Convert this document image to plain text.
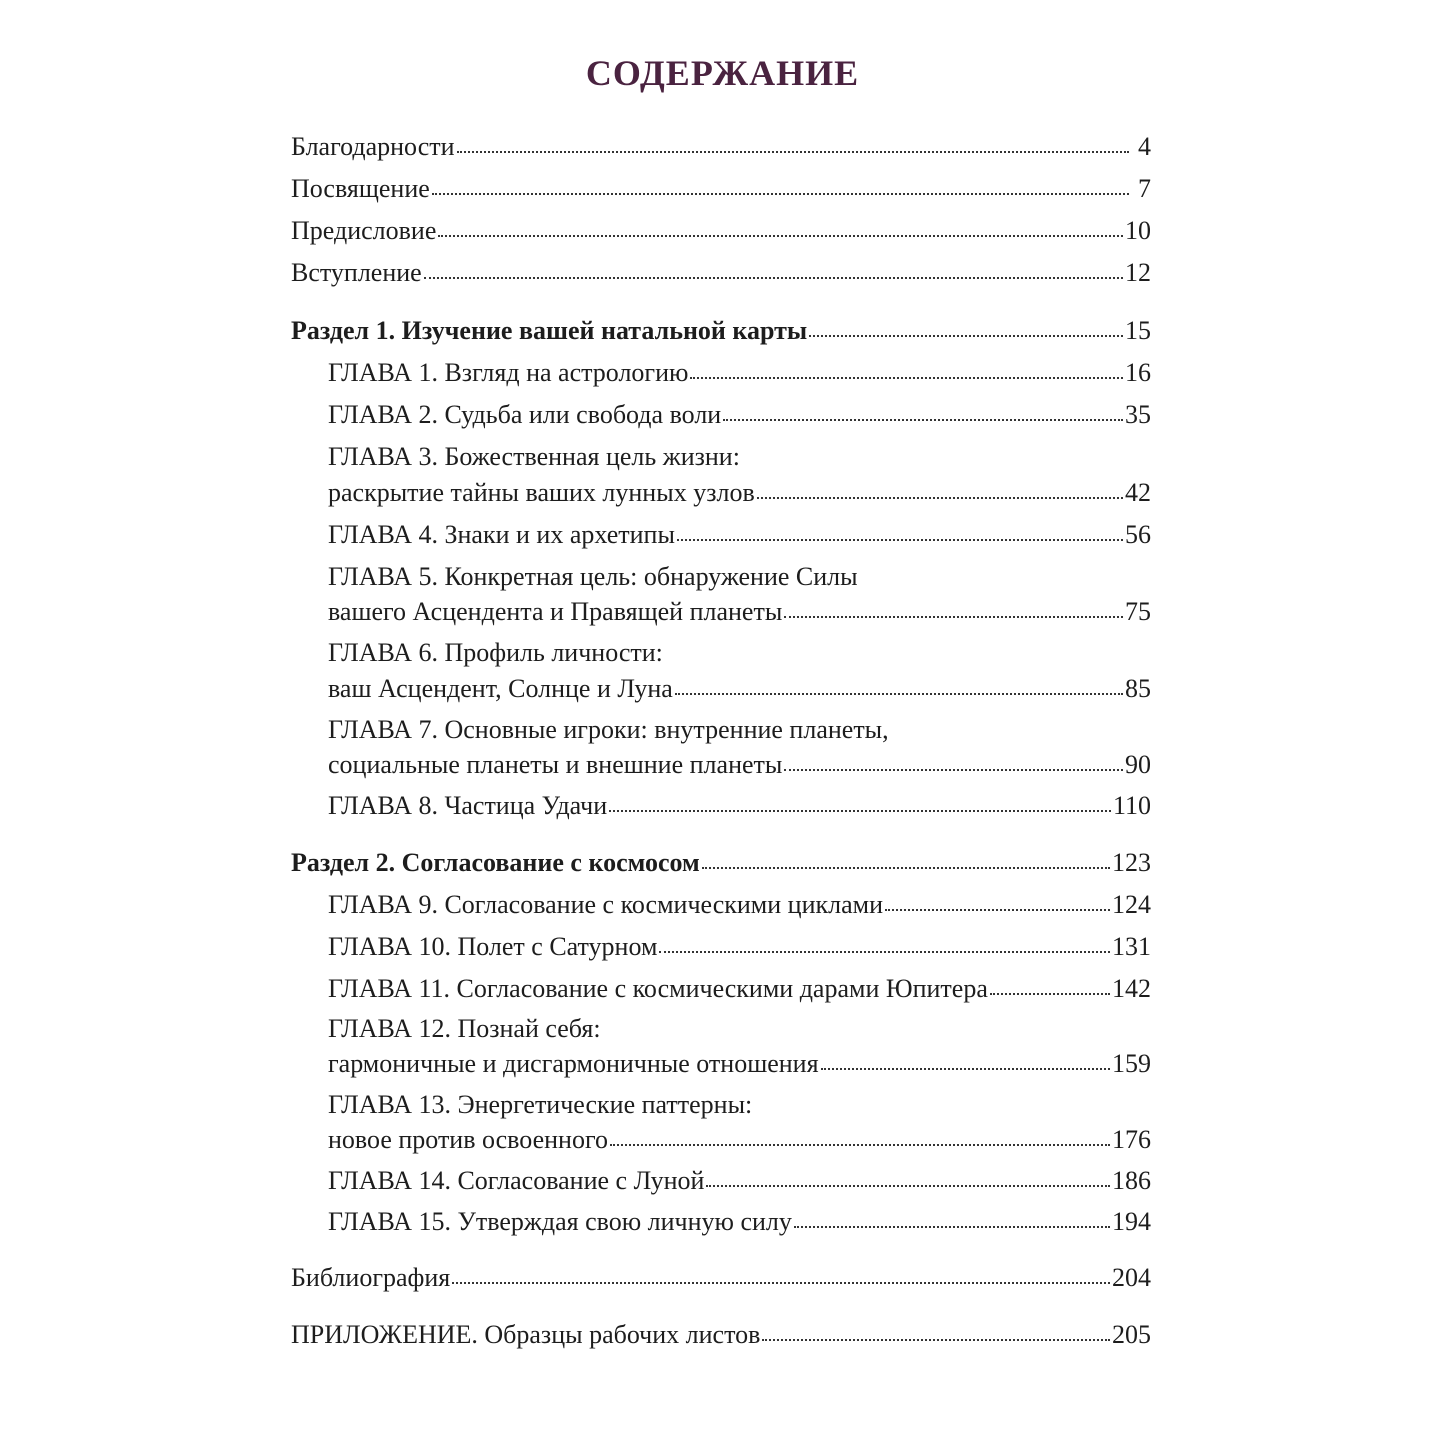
СОДЕРЖАНИЕ
Благодарности	4
Посвящение	7
Предисловие	10
Вступление	12
Раздел 1. Изучение вашей натальной карты	15
ГЛАВА 1. Взгляд на астрологию	16
ГЛАВА 2. Судьба или свобода воли	35
ГЛАВА 3. Божественная цель жизни:
раскрытие тайны ваших лунных узлов	42
ГЛАВА 4. Знаки и их архетипы	56
ГЛАВА 5. Конкретная цель: обнаружение Силы
вашего Асцендента и Правящей планеты	75
ГЛАВА 6. Профиль личности:
ваш Асцендент, Солнце и Луна	85
ГЛАВА 7. Основные игроки: внутренние планеты,
социальные планеты и внешние планеты	90
ГЛАВА 8. Частица Удачи	110
Раздел 2. Согласование с космосом	123
ГЛАВА 9. Согласование с космическими циклами	124
ГЛАВА 10. Полет с Сатурном	131
ГЛАВА 11. Согласование с космическими дарами Юпитера	142
ГЛАВА 12. Познай себя:
гармоничные и дисгармоничные отношения	159
ГЛАВА 13. Энергетические паттерны:
новое против освоенного	176
ГЛАВА 14. Согласование с Луной	186
ГЛАВА 15. Утверждая свою личную силу	194
Библиография	204
ПРИЛОЖЕНИЕ. Образцы рабочих листов	205
